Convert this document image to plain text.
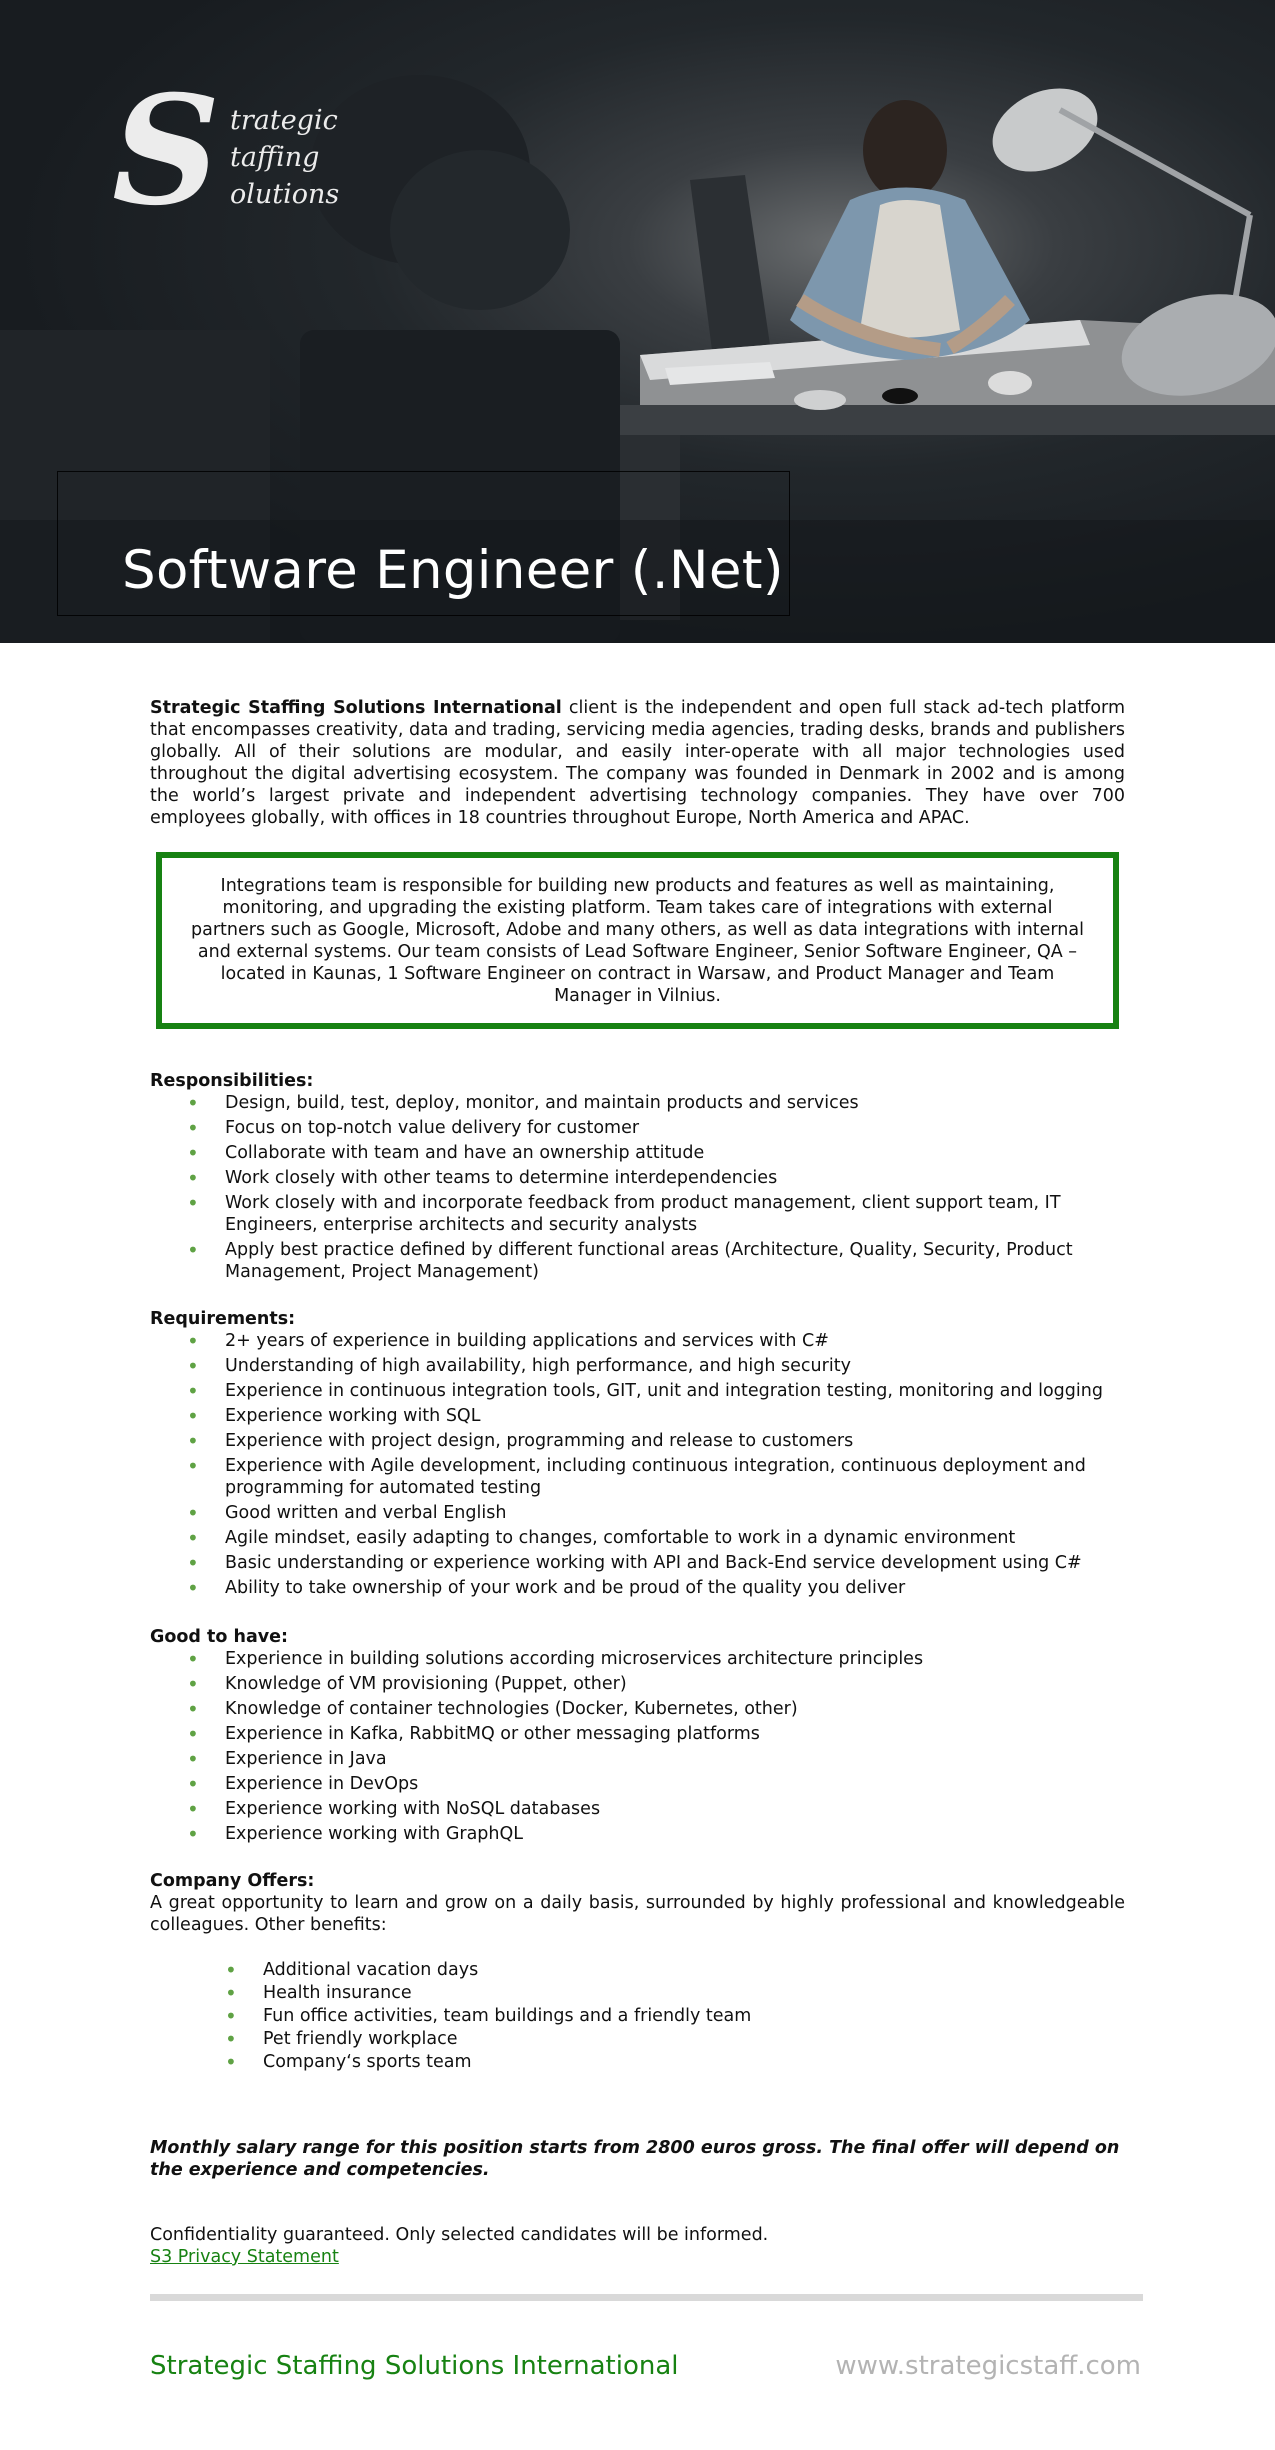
S trategic
taffing
olutions
Software Engineer (.Net)
Strategic Staffing Solutions International client is the independent and open full stack ad-tech platform that encompasses creativity, data and trading, servicing media agencies, trading desks, brands and publishers globally. All of their solutions are modular, and easily inter-operate with all major technologies used throughout the digital advertising ecosystem. The company was founded in Denmark in 2002 and is among the world’s largest private and independent advertising technology companies. They have over 700 employees globally, with offices in 18 countries throughout Europe, North America and APAC.

Integrations team is responsible for building new products and features as well as maintaining, monitoring, and upgrading the existing platform. Team takes care of integrations with external partners such as Google, Microsoft, Adobe and many others, as well as data integrations with internal and external systems. Our team consists of Lead Software Engineer, Senior Software Engineer, QA – located in Kaunas, 1 Software Engineer on contract in Warsaw, and Product Manager and Team Manager in Vilnius.

Responsibilities:

• Design, build, test, deploy, monitor, and maintain products and services
• Focus on top-notch value delivery for customer
• Collaborate with team and have an ownership attitude
• Work closely with other teams to determine interdependencies
• Work closely with and incorporate feedback from product management, client support team, IT Engineers, enterprise architects and security analysts
• Apply best practice defined by different functional areas (Architecture, Quality, Security, Product Management, Project Management)

Requirements:

• 2+ years of experience in building applications and services with C#
• Understanding of high availability, high performance, and high security
• Experience in continuous integration tools, GIT, unit and integration testing, monitoring and logging
• Experience working with SQL
• Experience with project design, programming and release to customers
• Experience with Agile development, including continuous integration, continuous deployment and programming for automated testing
• Good written and verbal English
• Agile mindset, easily adapting to changes, comfortable to work in a dynamic environment
• Basic understanding or experience working with API and Back-End service development using C#
• Ability to take ownership of your work and be proud of the quality you deliver

Good to have:

• Experience in building solutions according microservices architecture principles
• Knowledge of VM provisioning (Puppet, other)
• Knowledge of container technologies (Docker, Kubernetes, other)
• Experience in Kafka, RabbitMQ or other messaging platforms
• Experience in Java
• Experience in DevOps
• Experience working with NoSQL databases
• Experience working with GraphQL

Company Offers:

A great opportunity to learn and grow on a daily basis, surrounded by highly professional and knowledgeable colleagues. Other benefits:

• Additional vacation days
• Health insurance
• Fun office activities, team buildings and a friendly team
• Pet friendly workplace
• Company‘s sports team

Monthly salary range for this position starts from 2800 euros gross. The final offer will depend on the experience and competencies.

Confidentiality guaranteed. Only selected candidates will be informed.

S3 Privacy Statement
Strategic Staffing Solutions International	www.strategicstaff.com
